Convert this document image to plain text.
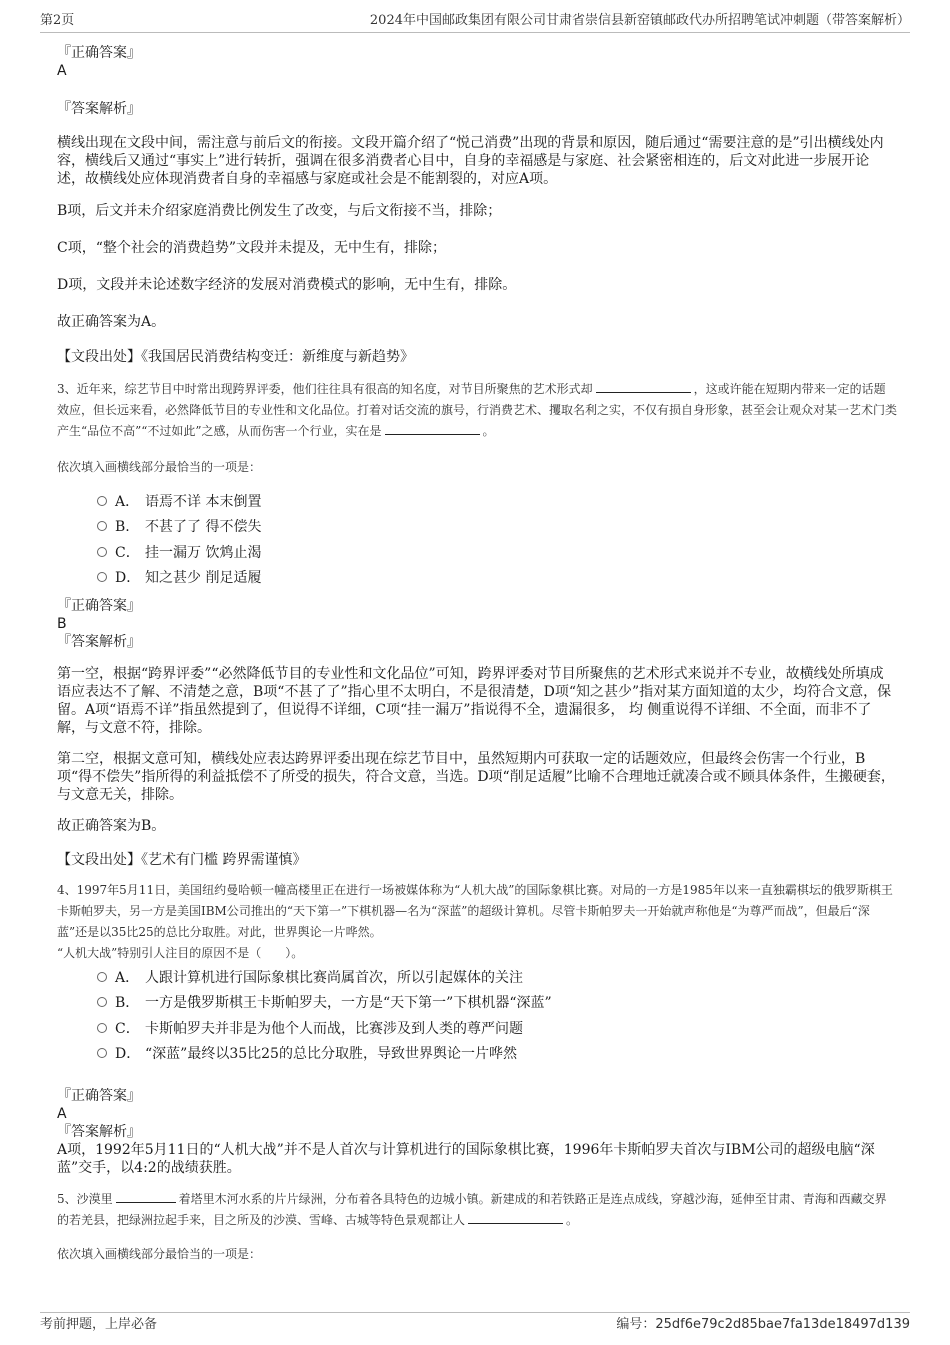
第2页	2024年中国邮政集团有限公司甘肃省崇信县新窑镇邮政代办所招聘笔试冲刺题（带答案解析）

『正确答案』

A

『答案解析』

横线出现在文段中间，需注意与前后文的衔接。文段开篇介绍了“悦己消费”出现的背景和原因，随后通过“需要注意的是”引出横线处内容，横线后又通过“事实上”进行转折，强调在很多消费者心目中，自身的幸福感是与家庭、社会紧密相连的，后文对此进一步展开论述，故横线处应体现消费者自身的幸福感与家庭或社会是不能割裂的，对应A项。

B项，后文并未介绍家庭消费比例发生了改变，与后文衔接不当，排除；

C项，“整个社会的消费趋势”文段并未提及，无中生有，排除；

D项，文段并未论述数字经济的发展对消费模式的影响，无中生有，排除。

故正确答案为A。

【文段出处】《我国居民消费结构变迁：新维度与新趋势》

3、近年来，综艺节目中时常出现跨界评委，他们往往具有很高的知名度，对节目所聚焦的艺术形式却	，这或许能在短期内带来一定的话题效应，但长远来看，必然降低节目的专业性和文化品位。打着对话交流的旗号，行消费艺术、攫取名利之实，不仅有损自身形象，甚至会让观众对某一艺术门类产生“品位不高”“不过如此”之感，从而伤害一个行业，实在是	。

依次填入画横线部分最恰当的一项是：

A． 语焉不详 本末倒置
B. 不甚了了 得不偿失
C． 挂一漏万 饮鸩止渴
D． 知之甚少 削足适履

『正确答案』

B

『答案解析』

第一空，根据“跨界评委”“必然降低节目的专业性和文化品位”可知，跨界评委对节目所聚焦的艺术形式来说并不专业，故横线处所填成语应表达不了解、不清楚之意，B项“不甚了了”指心里不太明白，不是很清楚，D项“知之甚少”指对某方面知道的太少，均符合文意，保留。A项“语焉不详”指虽然提到了，但说得不详细，C项“挂一漏万”指说得不全，遗漏很多， 均 侧重说得不详细、不全面，而非不了解，与文意不符，排除。

第二空，根据文意可知，横线处应表达跨界评委出现在综艺节目中，虽然短期内可获取一定的话题效应，但最终会伤害一个行业，B项“得不偿失”指所得的利益抵偿不了所受的损失，符合文意，当选。D项“削足适履”比喻不合理地迁就凑合或不顾具体条件，生搬硬套，与文意无关，排除。

故正确答案为B。

【文段出处】《艺术有门槛 跨界需谨慎》

4、1997年5月11日，美国纽约曼哈顿一幢高楼里正在进行一场被媒体称为“人机大战”的国际象棋比赛。对局的一方是1985年以来一直独霸棋坛的俄罗斯棋王卡斯帕罗夫，另一方是美国IBM公司推出的“天下第一”下棋机器—名为“深蓝”的超级计算机。尽管卡斯帕罗夫一开始就声称他是“为尊严而战”，但最后“深蓝”还是以35比25的总比分取胜。对此，世界舆论一片哗然。

“人机大战”特别引人注目的原因不是（　　）。

A． 人跟计算机进行国际象棋比赛尚属首次，所以引起媒体的关注
B． 一方是俄罗斯棋王卡斯帕罗夫，一方是“天下第一”下棋机器“深蓝”
C． 卡斯帕罗夫并非是为他个人而战，比赛涉及到人类的尊严问题
D． “深蓝”最终以35比25的总比分取胜，导致世界舆论一片哗然

『正确答案』

A

『答案解析』

A项，1992年5月11日的“人机大战”并不是人首次与计算机进行的国际象棋比赛，1996年卡斯帕罗夫首次与IBM公司的超级电脑“深蓝”交手，以4:2的战绩获胜。

5、沙漠里	着塔里木河水系的片片绿洲，分布着各具特色的边城小镇。新建成的和若铁路正是连点成线，穿越沙海，延伸至甘肃、青海和西藏交界的若羌县，把绿洲拉起手来，目之所及的沙漠、雪峰、古城等特色景观都让人	。

依次填入画横线部分最恰当的一项是：

考前押题，上岸必备	编号：25df6e79c2d85bae7fa13de18497d139
